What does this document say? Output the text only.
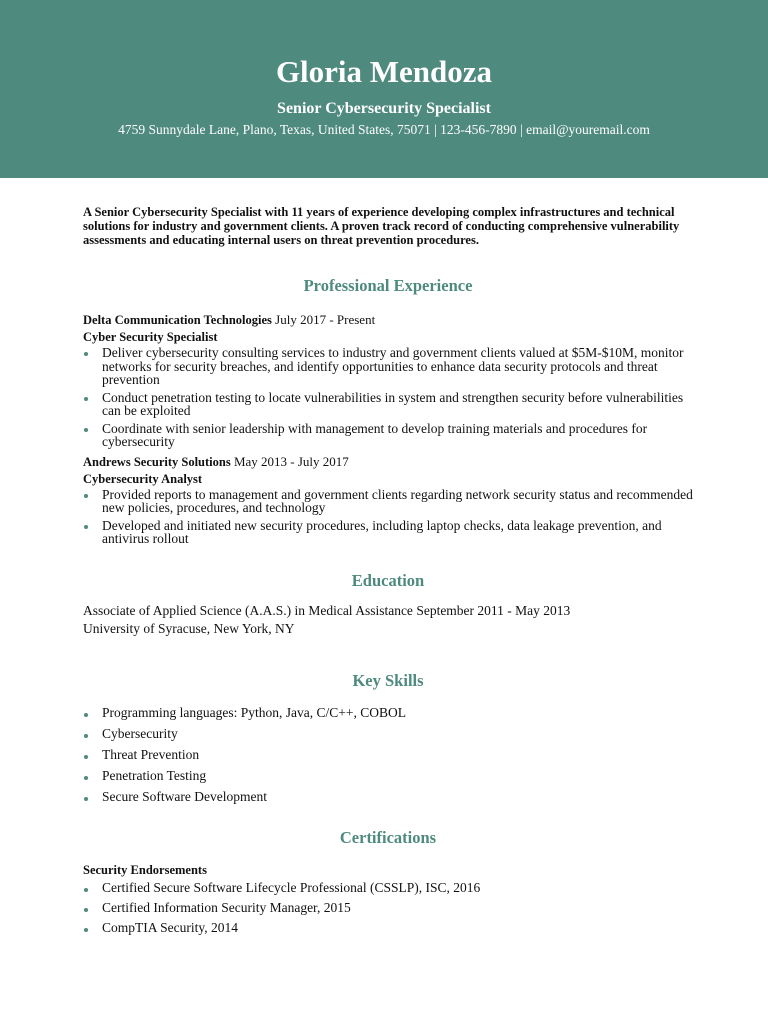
Gloria Mendoza
Senior Cybersecurity Specialist
4759 Sunnydale Lane, Plano, Texas, United States, 75071 | 123-456-7890 | email@youremail.com

A Senior Cybersecurity Specialist with 11 years of experience developing complex infrastructures and technical solutions for industry and government clients. A proven track record of conducting comprehensive vulnerability assessments and educating internal users on threat prevention procedures.

Professional Experience

Delta Communication Technologies July 2017 - Present

Cyber Security Specialist

Deliver cybersecurity consulting services to industry and government clients valued at $5M-$10M, monitor networks for security breaches, and identify opportunities to enhance data security protocols and threat prevention
Conduct penetration testing to locate vulnerabilities in system and strengthen security before vulnerabilities can be exploited
Coordinate with senior leadership with management to develop training materials and procedures for cybersecurity

Andrews Security Solutions May 2013 - July 2017

Cybersecurity Analyst

Provided reports to management and government clients regarding network security status and recommended new policies, procedures, and technology
Developed and initiated new security procedures, including laptop checks, data leakage prevention, and antivirus rollout
Education

Associate of Applied Science (A.A.S.) in Medical Assistance September 2011 - May 2013

University of Syracuse, New York, NY

Key Skills
Programming languages: Python, Java, C/C++, COBOL
Cybersecurity
Threat Prevention
Penetration Testing
Secure Software Development
Certifications

Security Endorsements

Certified Secure Software Lifecycle Professional (CSSLP), ISC, 2016
Certified Information Security Manager, 2015
CompTIA Security, 2014
